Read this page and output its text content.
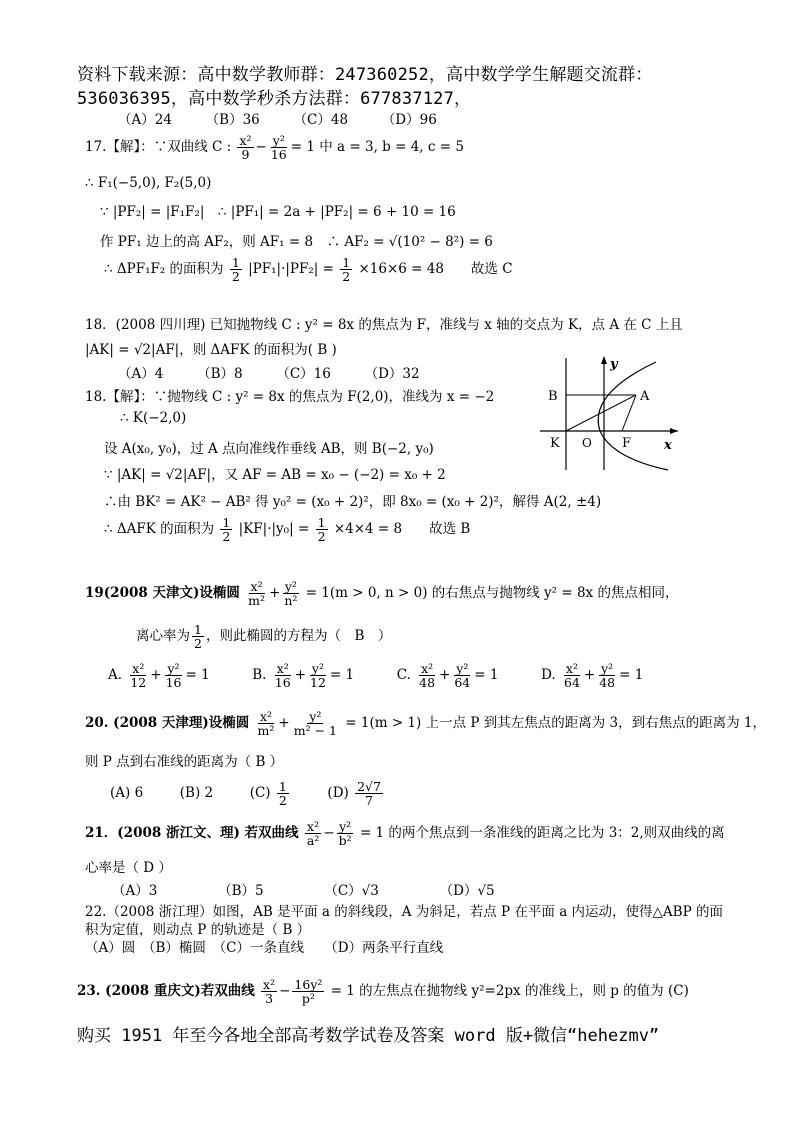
资料下载来源：高中数学教师群：247360252，高中数学学生解题交流群：
536036395，高中数学秒杀方法群：677837127，
（A）24　　　（B）36　　　（C）48　　　（D）96
17.【解】：∵双曲线 C : $\frac{\text{x²}}{9} - \frac{\text{y²}}{16} = 1$ 中 a = 3, b = 4, c = 5
∴ F₁(−5,0), F₂(5,0)
∵ |PF₂| = |F₁F₂|　∴ |PF₁| = 2a + |PF₂| = 6 + 10 = 16
作 PF₁ 边上的高 AF₂，则 AF₁ = 8　∴ AF₂ = √(10² − 8²) = 6
∴ ΔPF₁F₂ 的面积为 $\frac{1}{2} |PF_1|\cdot|PF_2| = \frac{1}{2} \times 16\times 6 = 48$　　故选 C
18．(2008 四川理) 已知抛物线 C : y² = 8x 的焦点为 F，准线与 x 轴的交点为 K，点 A 在 C 上且
|AK| = √2|AF|，则 ΔAFK 的面积为( B )
（A）4　　　（B）8　　　（C）16　　　（D）32
18.【解】：∵抛物线 C : y² = 8x 的焦点为 F(2,0)，准线为 x = −2
∴ K(−2,0)
设 A(x₀, y₀)，过 A 点向准线作垂线 AB，则 B(−2, y₀)
∵ |AK| = √2|AF|，又 AF = AB = x₀ − (−2) = x₀ + 2
∴由 BK² = AK² − AB² 得 y₀² = (x₀ + 2)²，即 8x₀ = (x₀ + 2)²，解得 A(2, ±4)
∴ ΔAFK 的面积为 $\frac{1}{2} |KF|\cdot|y_0| = \frac{1}{2} \times 4\times 4 = 8$　　故选 B
B	A
K O F	x
y
19(2008 天津文)设椭圆 $\frac{\text{x²}}{\text{m²}} + \frac{\text{y²}}{\text{n²}} = 1(m > 0$, n > 0) 的右焦点与抛物线 y² = 8x 的焦点相同，
离心率为 $\frac{1}{2}$ ，则此椭圆的方程为（　B　）
A. $\frac{\text{x²}}{12} + \frac{\text{y²}}{16} = 1$	B. $\frac{\text{x²}}{16} + \frac{\text{y²}}{12} = 1$	C. $\frac{\text{x²}}{48} + \frac{\text{y²}}{64} = 1$	D. $\frac{\text{x²}}{64} + \frac{\text{y²}}{48} = 1$
20. (2008 天津理)设椭圆 $\frac{\text{x²}}{\text{m²}} + \frac{\text{y²}}{\text{m² − 1}} = 1(m > 1)$ 上一点 P 到其左焦点的距离为 3，到右焦点的距离为 1，
则 P 点到右准线的距离为（ B ）
(A) 6	(B) 2	$(C) \frac{1}{2}$	$(D) \frac{2√7}{7}$
21．(2008 浙江文、理) 若双曲线 $\frac{\text{x²}}{\text{a²}} - \frac{\text{y²}}{\text{b²}} = 1$ 的两个焦点到一条准线的距离之比为 3：2,则双曲线的离
心率是（ D ）
（A）3　　　　　（B）5　　　　　（C）√3　　　　　（D）√5
22.（2008 浙江理）如图，AB 是平面 a 的斜线段，A 为斜足，若点 P 在平面 a 内运动，使得△ABP 的面
积为定值，则动点 P 的轨迹是（ B ）
（A）圆　（B）椭圆　（C）一条直线　　（D）两条平行直线
23. (2008 重庆文)若双曲线 $\frac{\text{x²}}{3} - \frac{\text{16y²}}{\text{p²}} = 1$ 的左焦点在抛物线 y²=2px 的准线上，则 p 的值为 (C)
购买 1951 年至今各地全部高考数学试卷及答案 word 版+微信“hehezmv”
